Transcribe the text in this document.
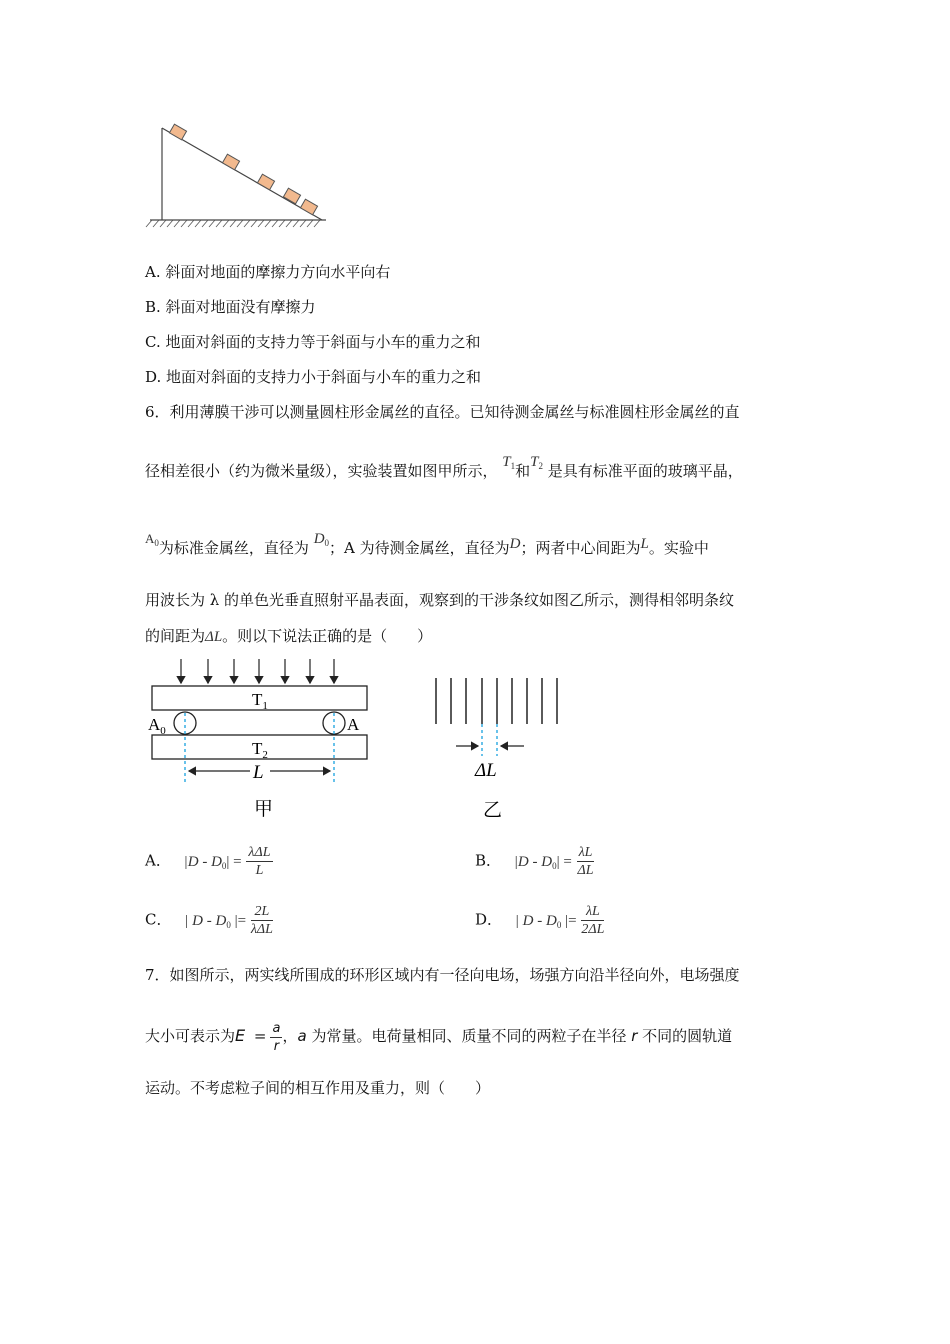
A. 斜面对地面的摩擦力方向水平向右
B. 斜面对地面没有摩擦力
C. 地面对斜面的支持力等于斜面与小车的重力之和
D. 地面对斜面的支持力小于斜面与小车的重力之和
6．利用薄膜干涉可以测量圆柱形金属丝的直径。已知待测金属丝与标准圆柱形金属丝的直
径相差很小（约为微米量级），实验装置如图甲所示， $T_1$和$T_2$ 是具有标准平面的玻璃平晶，
$A_0$为标准金属丝，直径为 $D_0$；A 为待测金属丝，直径为D；两者中心间距为L。实验中
用波长为 λ 的单色光垂直照射平晶表面，观察到的干涉条纹如图乙所示，测得相邻明条纹
的间距为ΔL。则以下说法正确的是（　　）
$T_1$
$T_2$
$A_0$	A
L
甲
ΔL
乙
A． $|D - D_0| = \frac{\text{λΔL}}{L}$	B． $|D - D_0| = \frac{\lambda L}{\Delta L}$
C． | D - $D_0$ |= $\frac{2L}{\text{λΔL}}$	D． | D - $D_0$ |= $\frac{\lambda L}{2\Delta L}$
7．如图所示，两实线所围成的环形区域内有一径向电场，场强方向沿半径向外，电场强度
大小可表示为$E = \frac{a}{r}$ ，a 为常量。电荷量相同、质量不同的两粒子在半径 r 不同的圆轨道
运动。不考虑粒子间的相互作用及重力，则（　　）
